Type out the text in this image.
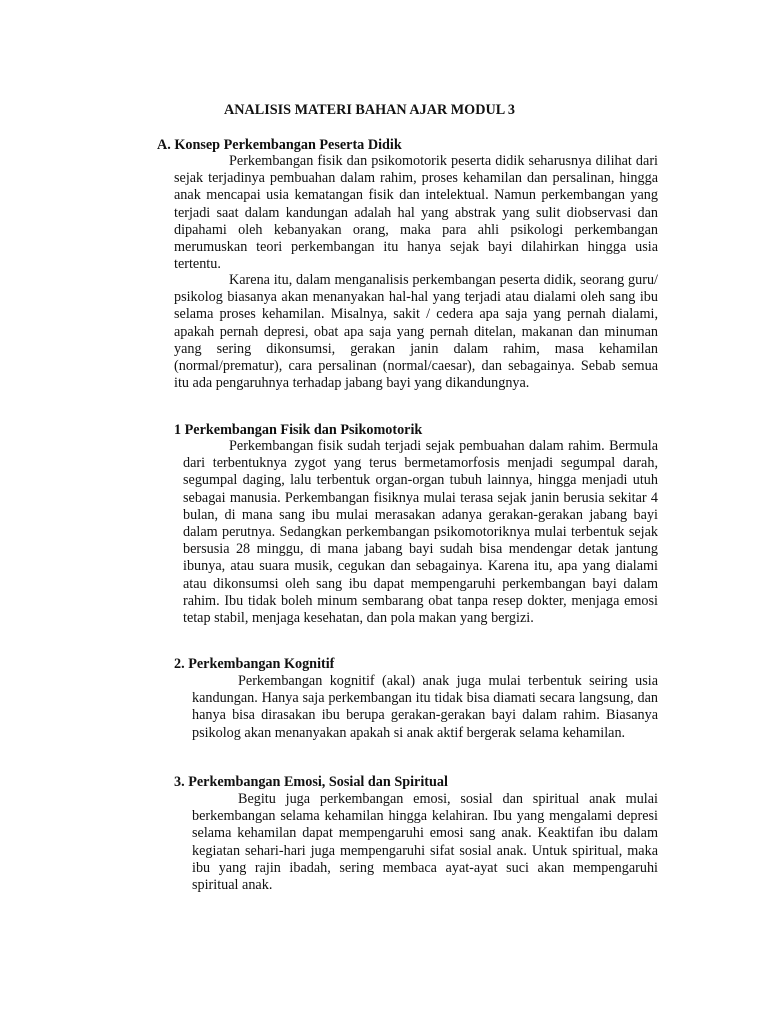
ANALISIS MATERI BAHAN AJAR MODUL 3
A. Konsep Perkembangan Peserta Didik

Perkembangan fisik dan psikomotorik peserta didik seharusnya dilihat dari sejak terjadinya pembuahan dalam rahim, proses kehamilan dan persalinan, hingga anak mencapai usia kematangan fisik dan intelektual. Namun perkembangan yang terjadi saat dalam kandungan adalah hal yang abstrak yang sulit diobservasi dan dipahami oleh kebanyakan orang, maka para ahli psikologi perkembangan merumuskan teori perkembangan itu hanya sejak bayi dilahirkan hingga usia tertentu.

Karena itu, dalam menganalisis perkembangan peserta didik, seorang guru/ psikolog biasanya akan menanyakan hal-hal yang terjadi atau dialami oleh sang ibu selama proses kehamilan. Misalnya, sakit / cedera apa saja yang pernah dialami, apakah pernah depresi, obat apa saja yang pernah ditelan, makanan dan minuman yang sering dikonsumsi, gerakan janin dalam rahim, masa kehamilan (normal/prematur), cara persalinan (normal/caesar), dan sebagainya. Sebab semua itu ada pengaruhnya terhadap jabang bayi yang dikandungnya.

1 Perkembangan Fisik dan Psikomotorik

Perkembangan fisik sudah terjadi sejak pembuahan dalam rahim. Bermula dari terbentuknya zygot yang terus bermetamorfosis menjadi segumpal darah, segumpal daging, lalu terbentuk organ-organ tubuh lainnya, hingga menjadi utuh sebagai manusia. Perkembangan fisiknya mulai terasa sejak janin berusia sekitar 4 bulan, di mana sang ibu mulai merasakan adanya gerakan-gerakan jabang bayi dalam perutnya. Sedangkan perkembangan psikomotoriknya mulai terbentuk sejak bersusia 28 minggu, di mana jabang bayi sudah bisa mendengar detak jantung ibunya, atau suara musik, cegukan dan sebagainya. Karena itu, apa yang dialami atau dikonsumsi oleh sang ibu dapat mempengaruhi perkembangan bayi dalam rahim. Ibu tidak boleh minum sembarang obat tanpa resep dokter, menjaga emosi tetap stabil, menjaga kesehatan, dan pola makan yang bergizi.

2. Perkembangan Kognitif

Perkembangan kognitif (akal) anak juga mulai terbentuk seiring usia kandungan. Hanya saja perkembangan itu tidak bisa diamati secara langsung, dan hanya bisa dirasakan ibu berupa gerakan-gerakan bayi dalam rahim. Biasanya psikolog akan menanyakan apakah si anak aktif bergerak selama kehamilan.

3. Perkembangan Emosi, Sosial dan Spiritual

Begitu juga perkembangan emosi, sosial dan spiritual anak mulai berkembangan selama kehamilan hingga kelahiran. Ibu yang mengalami depresi selama kehamilan dapat mempengaruhi emosi sang anak. Keaktifan ibu dalam kegiatan sehari-hari juga mempengaruhi sifat sosial anak. Untuk spiritual, maka ibu yang rajin ibadah, sering membaca ayat-ayat suci akan mempengaruhi spiritual anak.
